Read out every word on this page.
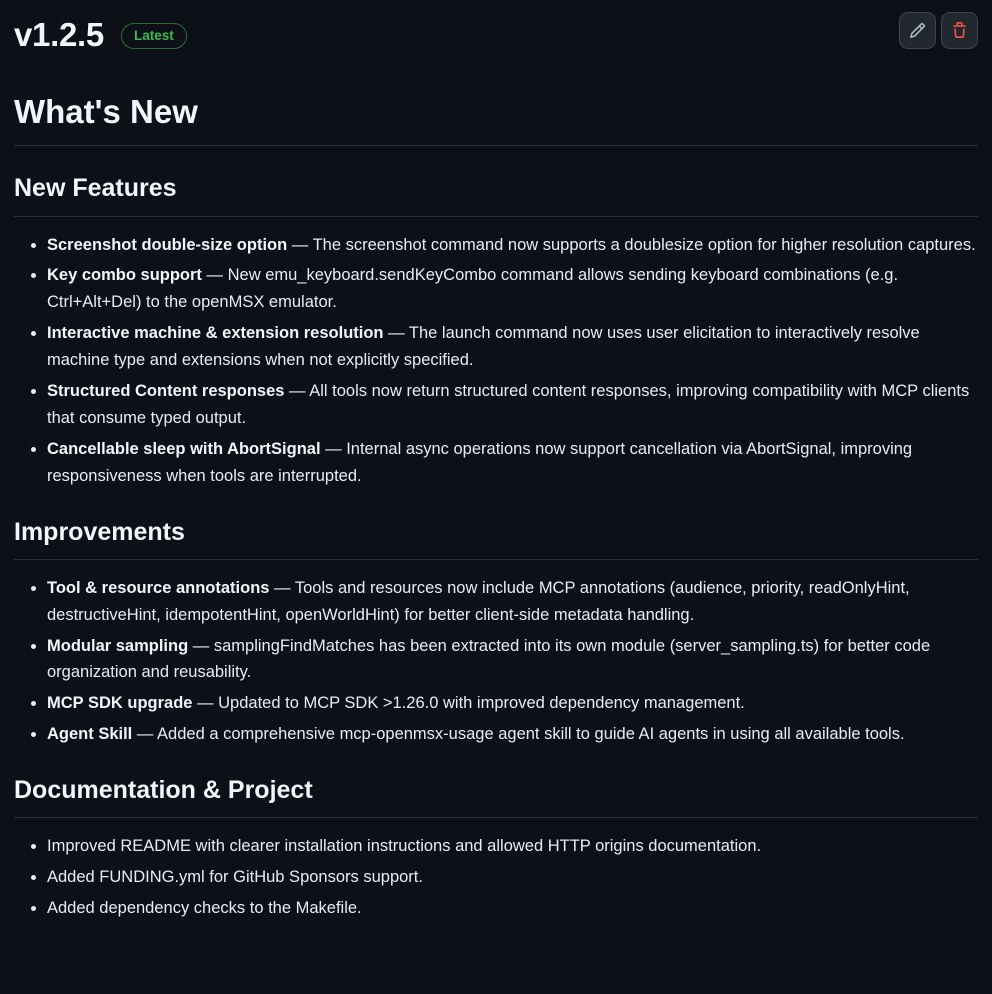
v1.2.5	Latest
What's New
New Features
• Screenshot double-size option — The screenshot command now supports a doublesize option for higher resolution captures.
• Key combo support — New emu_keyboard.sendKeyCombo command allows sending keyboard combinations (e.g. Ctrl+Alt+Del) to the openMSX emulator.
• Interactive machine & extension resolution — The launch command now uses user elicitation to interactively resolve machine type and extensions when not explicitly specified.
• Structured Content responses — All tools now return structured content responses, improving compatibility with MCP clients that consume typed output.
• Cancellable sleep with AbortSignal — Internal async operations now support cancellation via AbortSignal, improving responsiveness when tools are interrupted.
Improvements
• Tool & resource annotations — Tools and resources now include MCP annotations (audience, priority, readOnlyHint, destructiveHint, idempotentHint, openWorldHint) for better client-side metadata handling.
• Modular sampling — samplingFindMatches has been extracted into its own module (server_sampling.ts) for better code organization and reusability.
• MCP SDK upgrade — Updated to MCP SDK >1.26.0 with improved dependency management.
• Agent Skill — Added a comprehensive mcp-openmsx-usage agent skill to guide AI agents in using all available tools.
Documentation & Project
• Improved README with clearer installation instructions and allowed HTTP origins documentation.
• Added FUNDING.yml for GitHub Sponsors support.
• Added dependency checks to the Makefile.
